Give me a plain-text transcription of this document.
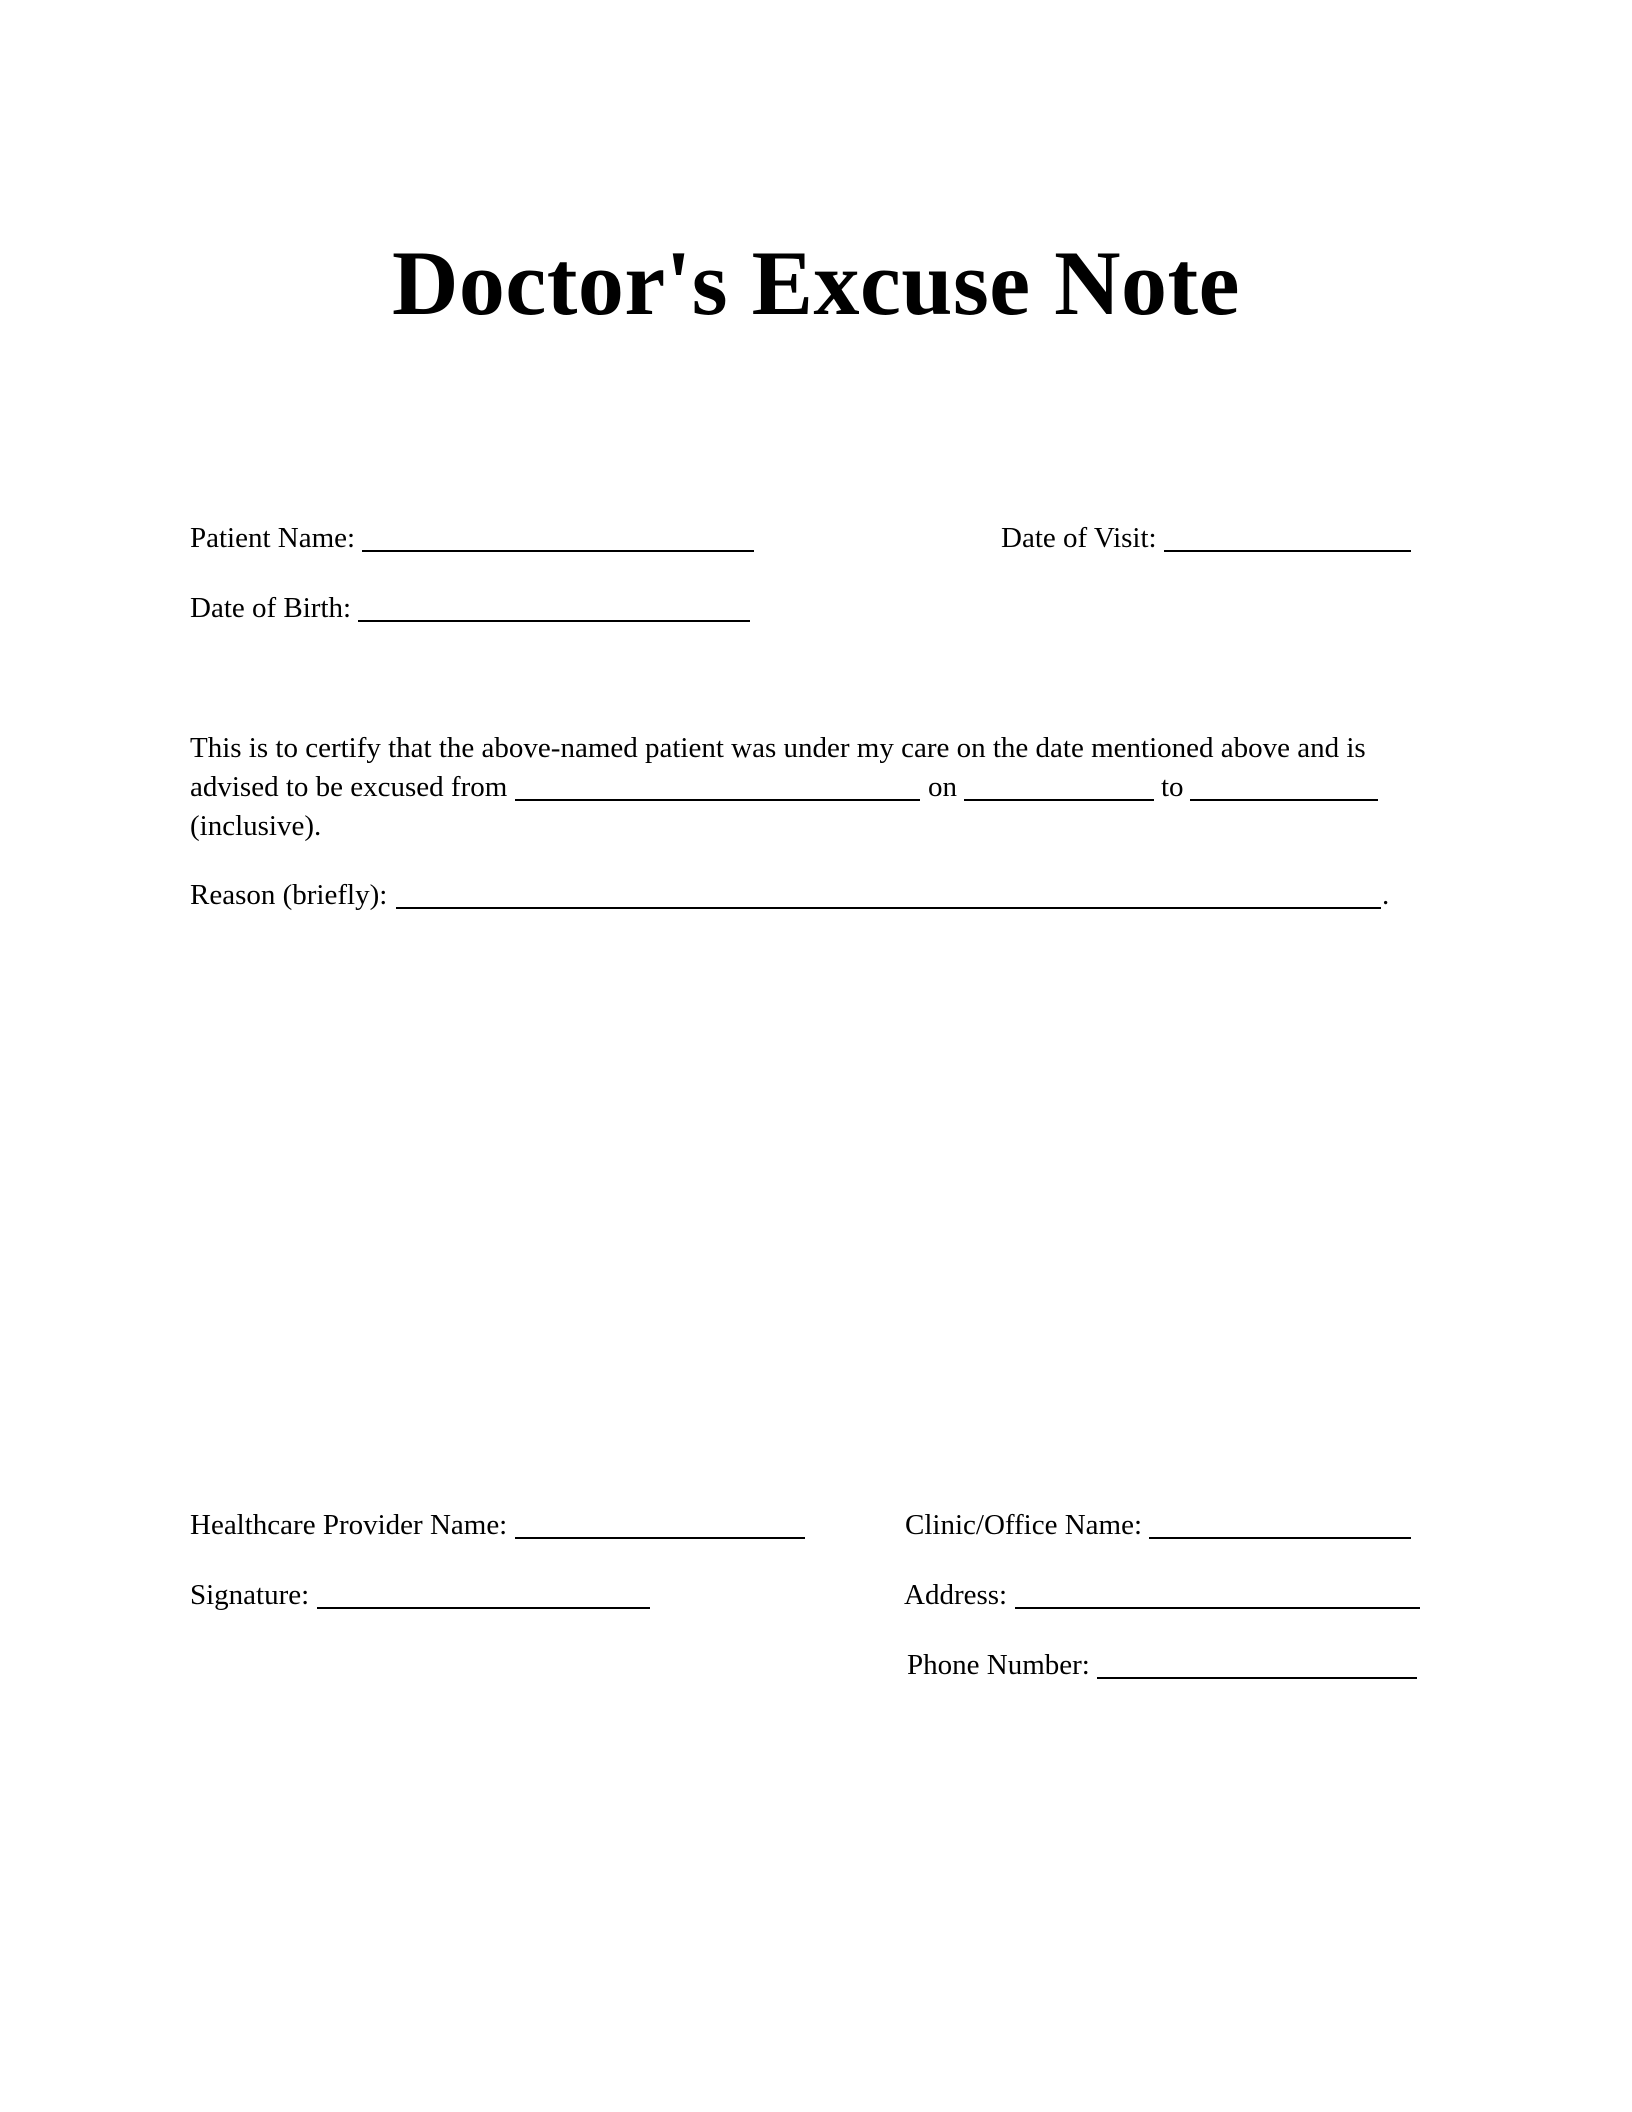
Doctor's Excuse Note
Patient Name:	Date of Visit:
Date of Birth:
This is to certify that the above-named patient was under my care on the date mentioned above and is
advised to be excused from	on	to
(inclusive).
Reason (briefly):	.
Healthcare Provider Name:	Clinic/Office Name:
Signature:	Address:
Phone Number:
